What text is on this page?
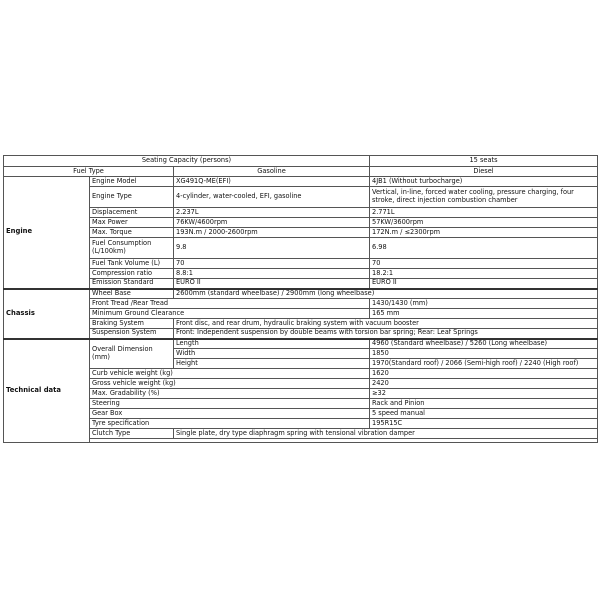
Seating Capacity (persons)			15 seats
Fuel Type		Gasoline	Diesel
Engine	Engine Model	XG491Q-ME(EFI)	4JB1 (Without turbocharge)
	Engine Type	4-cylinder, water-cooled, EFI, gasoline	Vertical, in-line, forced water cooling, pressure charging, four stroke, direct injection combustion chamber
	Displacement	2.237L	2.771L
	Max Power	76KW/4600rpm	57KW/3600rpm
	Max. Torque	193N.m / 2000-2600rpm	172N.m / ≤2300rpm
	Fuel Consumption (L/100km)	9.8	6.98
	Fuel Tank Volume (L)	70	70
	Compression ratio	8.8:1	18.2:1
	Emission Standard	EURO II	EURO II
Chassis	Wheel Base	2600mm (standard wheelbase) / 2900mm (long wheelbase)	
	Front Tread /Rear Tread		1430/1430 (mm)
	Minimum Ground Clearance		165 mm
	Braking System	Front disc, and rear drum, hydraulic braking system with vacuum booster	
	Suspension System	Front: Independent suspension by double beams with torsion bar spring; Rear: Leaf Springs	
Technical data	Overall Dimension (mm)	Length	4960 (Standard wheelbase) / 5260 (Long wheelbase)
		Width	1850
		Height	1970(Standard roof) / 2066 (Semi-high roof) / 2240 (High roof)
	Curb vehicle weight (kg)		1620
	Gross vehicle weight (kg)		2420
	Max. Gradability (%)		≥32
	Steering		Rack and Pinion
	Gear Box		5 speed manual
	Tyre specification		195R15C
	Clutch Type	Single plate, dry type diaphragm spring with tensional vibration damper	
